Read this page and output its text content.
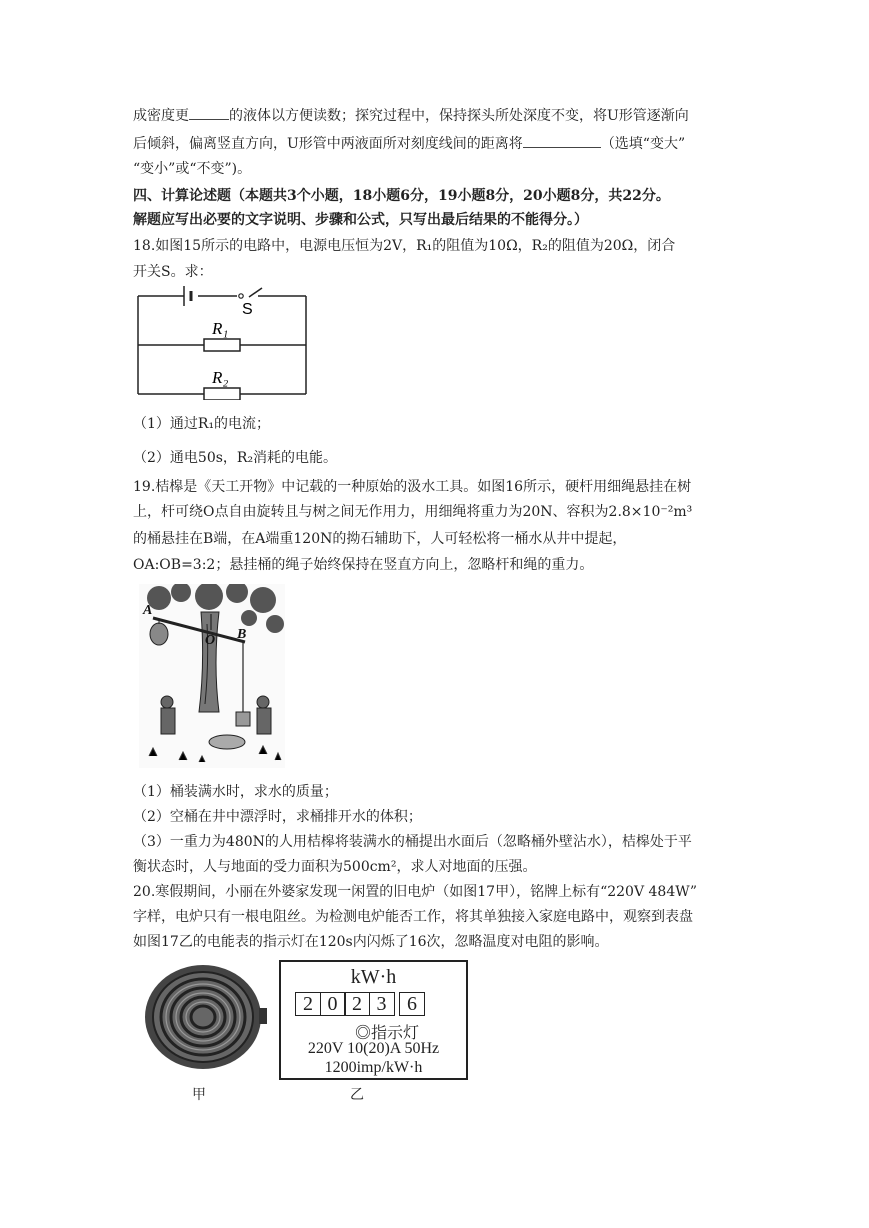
成密度更	的液体以方便读数；探究过程中，保持探头所处深度不变，将U形管逐渐向
后倾斜，偏离竖直方向，U形管中两液面所对刻度线间的距离将	（选填“变大”
“变小”或“不变”)。
四、计算论述题（本题共3个小题，18小题6分，19小题8分，20小题8分，共22分。
解题应写出必要的文字说明、步骤和公式，只写出最后结果的不能得分。）
18.如图15所示的电路中，电源电压恒为2V，R₁的阻值为10Ω，R₂的阻值为20Ω，闭合
开关S。求：
S
R₁
R₂
（1）通过R₁的电流；
（2）通电50s，R₂消耗的电能。
19.桔槔是《天工开物》中记载的一种原始的汲水工具。如图16所示，硬杆用细绳悬挂在树
上，杆可绕O点自由旋转且与树之间无作用力，用细绳将重力为20N、容积为2.8×10⁻²m³
的桶悬挂在B端，在A端重120N的拗石辅助下，人可轻松将一桶水从井中提起，
OA:OB=3:2；悬挂桶的绳子始终保持在竖直方向上，忽略杆和绳的重力。
A
O B
（1）桶装满水时，求水的质量；
（2）空桶在井中漂浮时，求桶排开水的体积；
（3）一重力为480N的人用桔槔将装满水的桶提出水面后（忽略桶外壁沾水），桔槔处于平
衡状态时，人与地面的受力面积为500cm²，求人对地面的压强。
20.寒假期间，小丽在外婆家发现一闲置的旧电炉（如图17甲），铭牌上标有“220V 484W”
字样，电炉只有一根电阻丝。为检测电炉能否工作，将其单独接入家庭电路中，观察到表盘
如图17乙的电能表的指示灯在120s内闪烁了16次，忽略温度对电阻的影响。
kW·h
2 0 2 3	6
◎指示灯
220V 10(20)A 50Hz
1200imp/kW·h
甲	乙
